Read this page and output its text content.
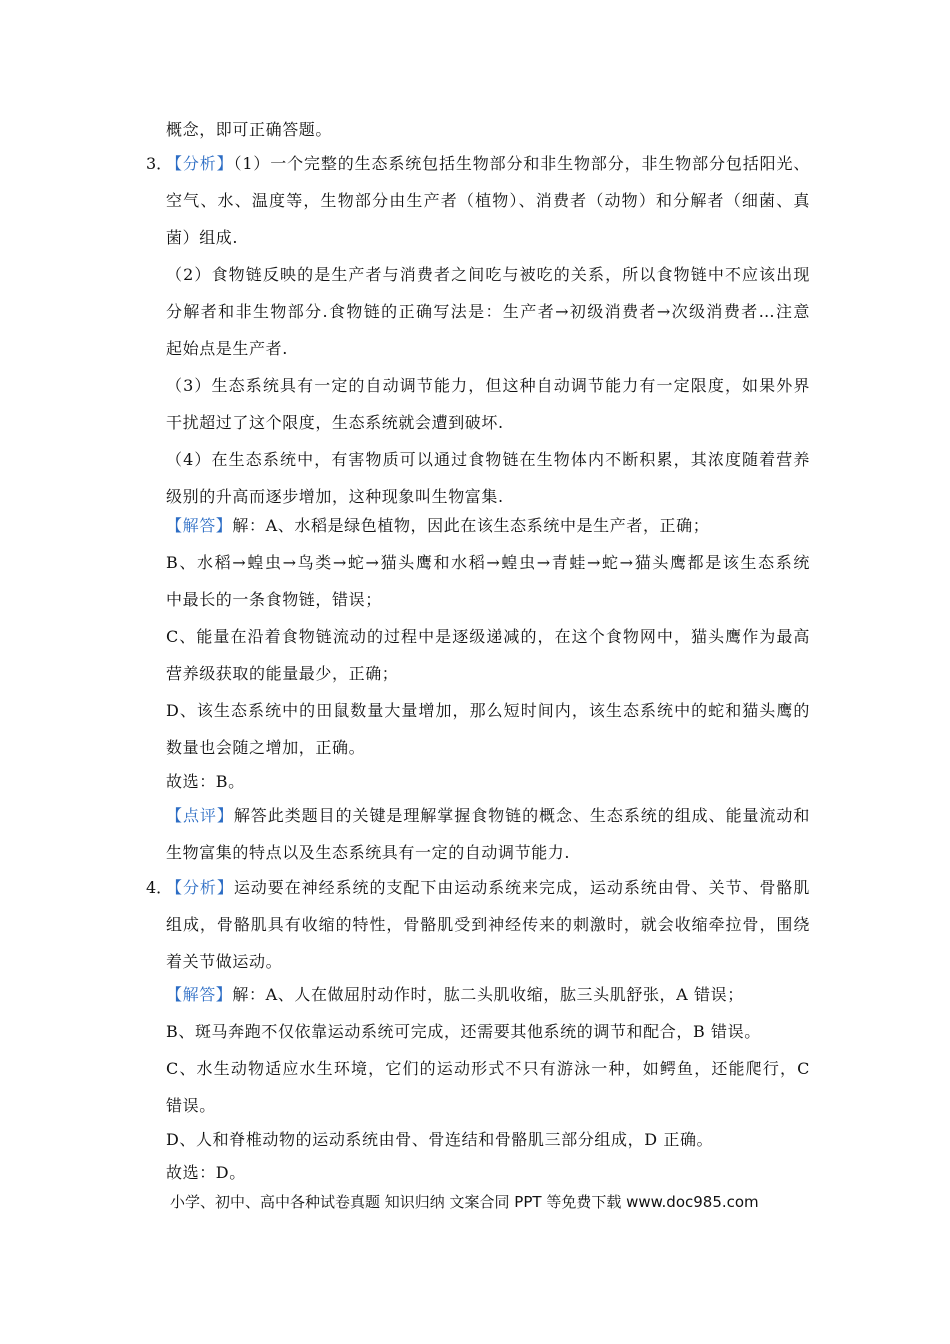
概念，即可正确答题。
3．
【分析】（1）一个完整的生态系统包括生物部分和非生物部分，非生物部分包括阳光、
空气、水、温度等，生物部分由生产者（植物）、消费者（动物）和分解者（细菌、真
菌）组成.
（2）食物链反映的是生产者与消费者之间吃与被吃的关系，所以食物链中不应该出现
分解者和非生物部分.食物链的正确写法是：生产者→初级消费者→次级消费者…注意
起始点是生产者.
（3）生态系统具有一定的自动调节能力，但这种自动调节能力有一定限度，如果外界
干扰超过了这个限度，生态系统就会遭到破坏.
（4）在生态系统中，有害物质可以通过食物链在生物体内不断积累，其浓度随着营养
级别的升高而逐步增加，这种现象叫生物富集.
【解答】解：A、水稻是绿色植物，因此在该生态系统中是生产者，正确；
B、水稻→蝗虫→鸟类→蛇→猫头鹰和水稻→蝗虫→青蛙→蛇→猫头鹰都是该生态系统
中最长的一条食物链，错误；
C、能量在沿着食物链流动的过程中是逐级递减的，在这个食物网中，猫头鹰作为最高
营养级获取的能量最少，正确；
D、该生态系统中的田鼠数量大量增加，那么短时间内，该生态系统中的蛇和猫头鹰的
数量也会随之增加，正确。
故选：B。
【点评】解答此类题目的关键是理解掌握食物链的概念、生态系统的组成、能量流动和
生物富集的特点以及生态系统具有一定的自动调节能力.
4．
【分析】运动要在神经系统的支配下由运动系统来完成，运动系统由骨、关节、骨骼肌
组成，骨骼肌具有收缩的特性，骨骼肌受到神经传来的刺激时，就会收缩牵拉骨，围绕
着关节做运动。
【解答】解：A、人在做屈肘动作时，肱二头肌收缩，肱三头肌舒张，A 错误；
B、斑马奔跑不仅依靠运动系统可完成，还需要其他系统的调节和配合，B 错误。
C、水生动物适应水生环境，它们的运动形式不只有游泳一种，如鳄鱼，还能爬行，C
错误。
D、人和脊椎动物的运动系统由骨、骨连结和骨骼肌三部分组成，D 正确。
故选：D。
小学、初中、高中各种试卷真题 知识归纳 文案合同 PPT 等免费下载 www.doc985.com
